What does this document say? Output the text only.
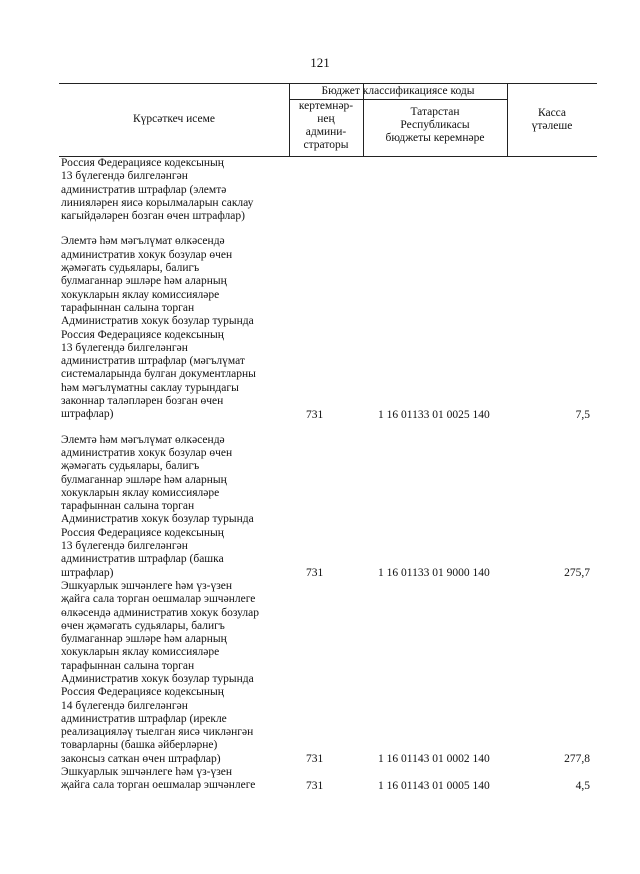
121
Күрсәткеч исеме
Бюджет классификациясе коды
кертемнәр-
нең
админи-
страторы
Татарстан
Республикасы
бюджеты керемнәре
Касса
үтәлеше
Россия Федерациясе кодексының
13 бүлегендә билгеләнгән
административ штрафлар (элемтә
линияләрен яисә корылмаларын саклау
кагыйдәләрен бозган өчен штрафлар)
Элемтә һәм мәгълүмат өлкәсендә
административ хокук бозулар өчен
җәмәгать судьялары, балигъ
булмаганнар эшләре һәм аларның
хокукларын яклау комиссияләре
тарафыннан салына торган
Административ хокук бозулар турында
Россия Федерациясе кодексының
13 бүлегендә билгеләнгән
административ штрафлар (мәгълүмат
системаларында булган документларны
һәм мәгълүматны саклау турындагы
законнар таләпләрен бозган өчен
штрафлар)	731	1 16 01133 01 0025 140	7,5
Элемтә һәм мәгълүмат өлкәсендә
административ хокук бозулар өчен
җәмәгать судьялары, балигъ
булмаганнар эшләре һәм аларның
хокукларын яклау комиссияләре
тарафыннан салына торган
Административ хокук бозулар турында
Россия Федерациясе кодексының
13 бүлегендә билгеләнгән
административ штрафлар (башка
штрафлар)	731	1 16 01133 01 9000 140	275,7
Эшкуарлык эшчәнлеге һәм үз-үзен
җайга сала торган оешмалар эшчәнлеге
өлкәсендә административ хокук бозулар
өчен җәмәгать судьялары, балигъ
булмаганнар эшләре һәм аларның
хокукларын яклау комиссияләре
тарафыннан салына торган
Административ хокук бозулар турында
Россия Федерациясе кодексының
14 бүлегендә билгеләнгән
административ штрафлар (ирекле
реализацияләү тыелган яисә чикләнгән
товарларны (башка әйберләрне)
законсыз саткан өчен штрафлар)	731	1 16 01143 01 0002 140	277,8
Эшкуарлык эшчәнлеге һәм үз-үзен
җайга сала торган оешмалар эшчәнлеге	731	1 16 01143 01 0005 140	4,5
